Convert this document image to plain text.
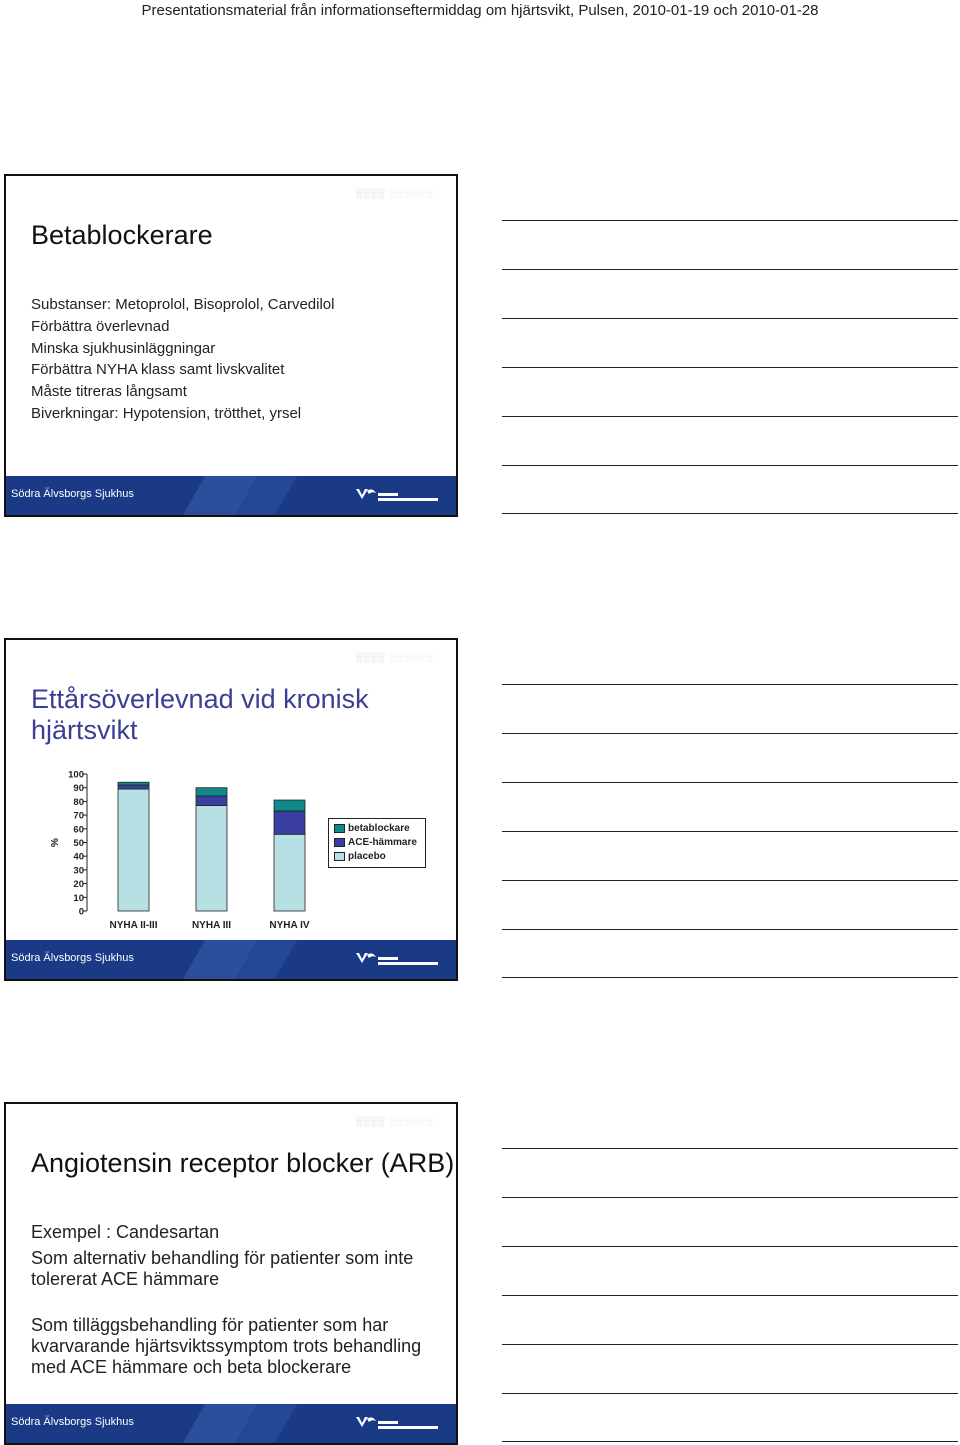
Presentationsmaterial från informationseftermiddag om hjärtsvikt, Pulsen, 2010-01-19 och 2010-01-28
▒▒▒▒ ░░░░░░
Betablockerare
Substanser: Metoprolol, Bisoprolol, Carvedilol
Förbättra överlevnad
Minska sjukhusinläggningar
Förbättra NYHA klass samt livskvalitet
Måste titreras långsamt
Biverkningar: Hypotension, trötthet, yrsel
Södra Älvsborgs Sjukhus
▒▒▒▒ ░░░░░░
Ettårsöverlevnad vid kronisk hjärtsvikt
100
90
80
70
60
50
40
30
20
10
0
%
NYHA II-III	NYHA III	NYHA IV
betablockare
ACE-hämmare
placebo
Södra Älvsborgs Sjukhus
▒▒▒▒ ░░░░░░
Angiotensin receptor blocker (ARB)
Exempel : Candesartan
Som alternativ behandling för patienter som inte tolererat ACE hämmare
Som tilläggsbehandling för patienter som har kvarvarande hjärtsviktssymptom trots behandling med ACE hämmare och beta blockerare
Södra Älvsborgs Sjukhus
